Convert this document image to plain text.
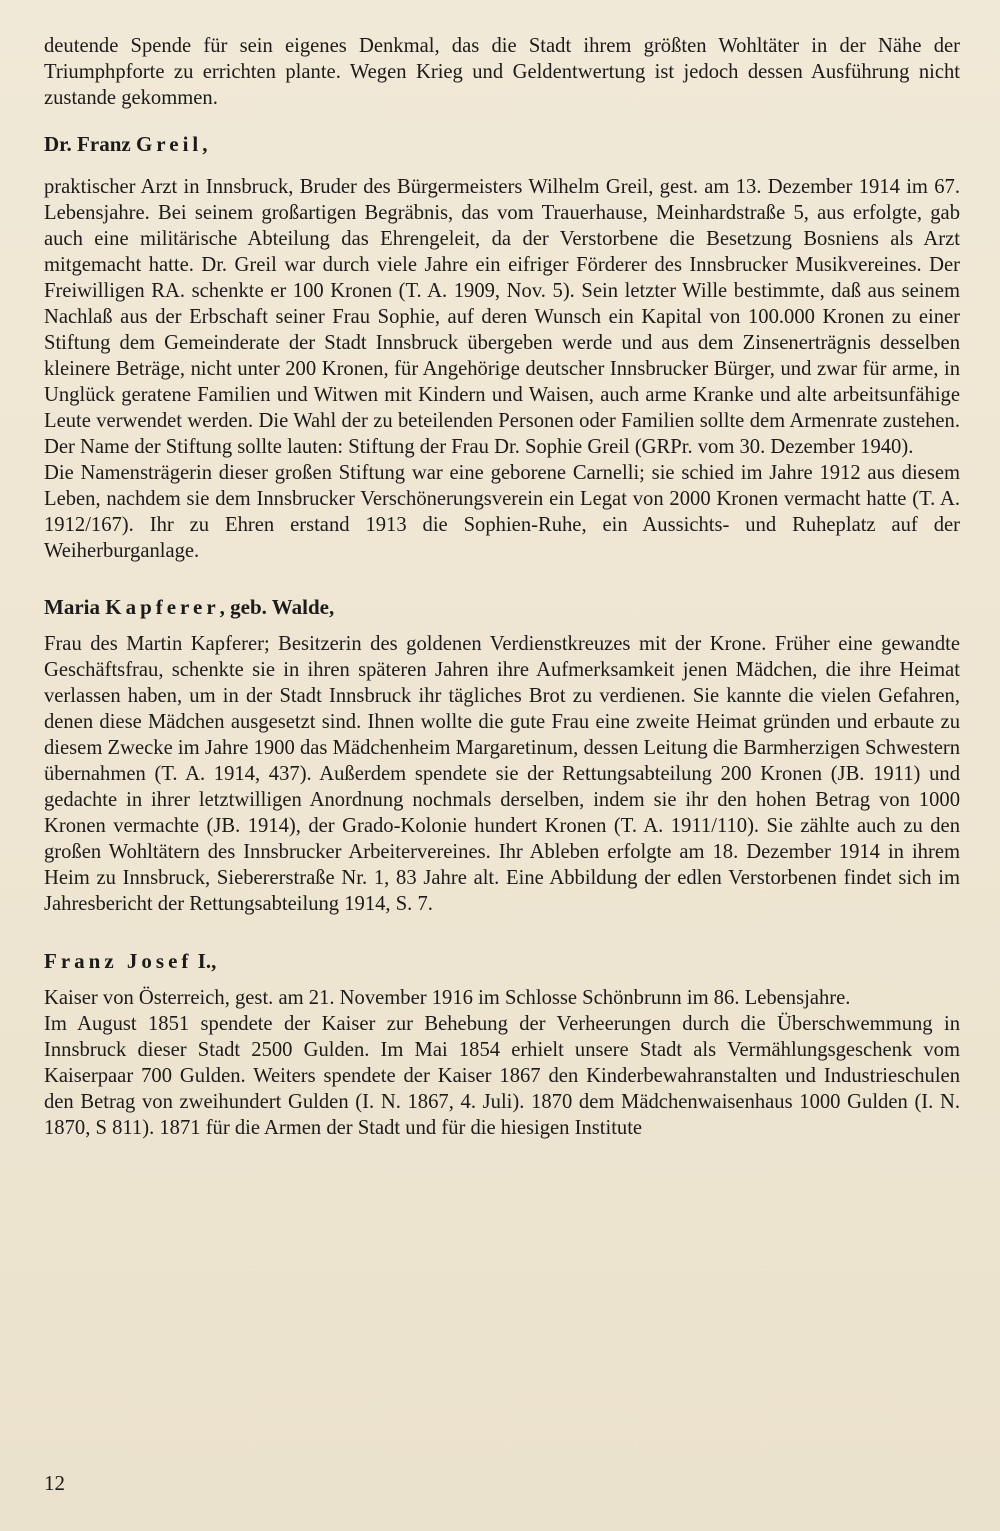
deutende Spende für sein eigenes Denkmal, das die Stadt ihrem größten Wohltäter in der Nähe der Triumphpforte zu errichten plante. Wegen Krieg und Geldentwertung ist jedoch dessen Ausführung nicht zustande gekommen.

Dr. Franz Greil,

praktischer Arzt in Innsbruck, Bruder des Bürgermeisters Wilhelm Greil, gest. am 13. Dezember 1914 im 67. Lebensjahre. Bei seinem großartigen Begräbnis, das vom Trauerhause, Meinhardstraße 5, aus erfolgte, gab auch eine militärische Abteilung das Ehrengeleit, da der Verstorbene die Besetzung Bosniens als Arzt mitgemacht hatte. Dr. Greil war durch viele Jahre ein eifriger Förderer des Innsbrucker Musikvereines. Der Freiwilligen RA. schenkte er 100 Kronen (T. A. 1909, Nov. 5). Sein letzter Wille bestimmte, daß aus seinem Nachlaß aus der Erbschaft seiner Frau Sophie, auf deren Wunsch ein Kapital von 100.000 Kronen zu einer Stiftung dem Gemeinderate der Stadt Innsbruck übergeben werde und aus dem Zinsenerträgnis desselben kleinere Beträge, nicht unter 200 Kronen, für Angehörige deutscher Innsbrucker Bürger, und zwar für arme, in Unglück geratene Familien und Witwen mit Kindern und Waisen, auch arme Kranke und alte arbeitsunfähige Leute verwendet werden. Die Wahl der zu beteilenden Personen oder Familien sollte dem Armenrate zustehen. Der Name der Stiftung sollte lauten: Stiftung der Frau Dr. Sophie Greil (GRPr. vom 30. Dezember 1940).

Die Namensträgerin dieser großen Stiftung war eine geborene Carnelli; sie schied im Jahre 1912 aus diesem Leben, nachdem sie dem Innsbrucker Verschönerungsverein ein Legat von 2000 Kronen vermacht hatte (T. A. 1912/167). Ihr zu Ehren erstand 1913 die Sophien-Ruhe, ein Aussichts- und Ruheplatz auf der Weiherburganlage.

Maria Kapferer, geb. Walde,

Frau des Martin Kapferer; Besitzerin des goldenen Verdienstkreuzes mit der Krone. Früher eine gewandte Geschäftsfrau, schenkte sie in ihren späteren Jahren ihre Aufmerksamkeit jenen Mädchen, die ihre Heimat verlassen haben, um in der Stadt Innsbruck ihr tägliches Brot zu verdienen. Sie kannte die vielen Gefahren, denen diese Mädchen ausgesetzt sind. Ihnen wollte die gute Frau eine zweite Heimat gründen und erbaute zu diesem Zwecke im Jahre 1900 das Mädchenheim Margaretinum, dessen Leitung die Barmherzigen Schwestern übernahmen (T. A. 1914, 437). Außerdem spendete sie der Rettungsabteilung 200 Kronen (JB. 1911) und gedachte in ihrer letztwilligen Anordnung nochmals derselben, indem sie ihr den hohen Betrag von 1000 Kronen vermachte (JB. 1914), der Grado-Kolonie hundert Kronen (T. A. 1911/110). Sie zählte auch zu den großen Wohltätern des Innsbrucker Arbeitervereines. Ihr Ableben erfolgte am 18. Dezember 1914 in ihrem Heim zu Innsbruck, Siebererstraße Nr. 1, 83 Jahre alt. Eine Abbildung der edlen Verstorbenen findet sich im Jahresbericht der Rettungsabteilung 1914, S. 7.

Franz Josef I.,

Kaiser von Österreich, gest. am 21. November 1916 im Schlosse Schönbrunn im 86. Lebensjahre.

Im August 1851 spendete der Kaiser zur Behebung der Verheerungen durch die Überschwemmung in Innsbruck dieser Stadt 2500 Gulden. Im Mai 1854 erhielt unsere Stadt als Vermählungsgeschenk vom Kaiserpaar 700 Gulden. Weiters spendete der Kaiser 1867 den Kinderbewahranstalten und Industrieschulen den Betrag von zweihundert Gulden (I. N. 1867, 4. Juli). 1870 dem Mädchenwaisenhaus 1000 Gulden (I. N. 1870, S 811). 1871 für die Armen der Stadt und für die hiesigen Institute

12
